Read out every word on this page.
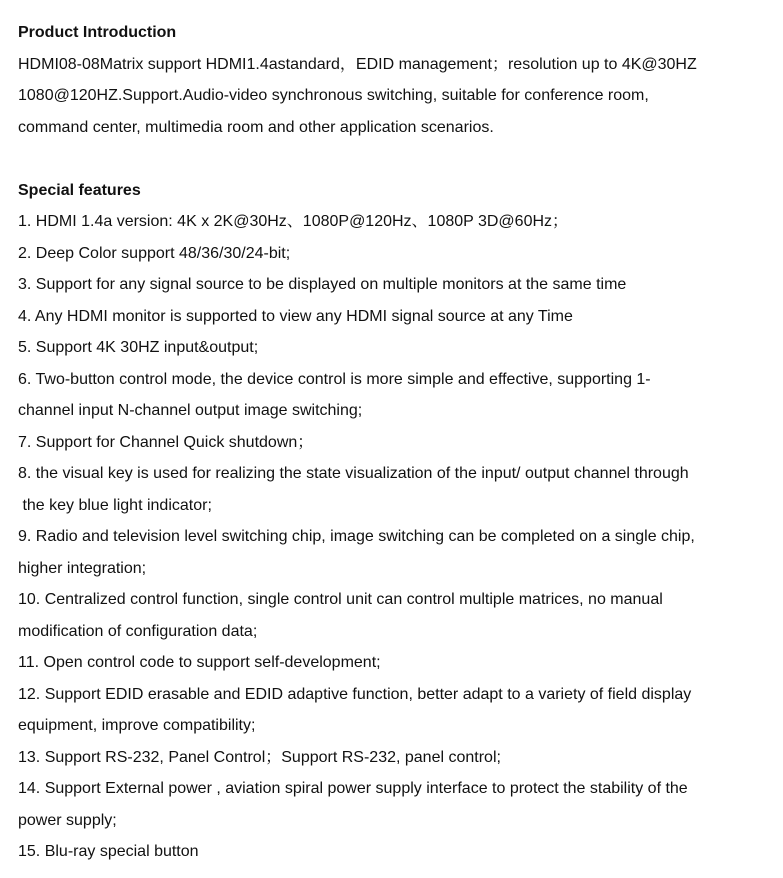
Product Introduction
HDMI08-08Matrix support HDMI1.4astandard，EDID management；resolution up to 4K@30HZ
1080@120HZ.Support.Audio-video synchronous switching, suitable for conference room,
command center, multimedia room and other application scenarios.
Special features
1. HDMI 1.4a version: 4K x 2K@30Hz、1080P@120Hz、1080P 3D@60Hz；
2. Deep Color support 48/36/30/24-bit;
3. Support for any signal source to be displayed on multiple monitors at the same time
4. Any HDMI monitor is supported to view any HDMI signal source at any Time
5. Support 4K 30HZ input&output;
6. Two-button control mode, the device control is more simple and effective, supporting 1-
channel input N-channel output image switching;
7. Support for Channel Quick shutdown；
8. the visual key is used for realizing the state visualization of the input/ output channel through
the key blue light indicator;
9. Radio and television level switching chip, image switching can be completed on a single chip,
higher integration;
10. Centralized control function, single control unit can control multiple matrices, no manual
modification of configuration data;
11. Open control code to support self-development;
12. Support EDID erasable and EDID adaptive function, better adapt to a variety of field display
equipment, improve compatibility;
13. Support RS-232, Panel Control；Support RS-232, panel control;
14. Support External power , aviation spiral power supply interface to protect the stability of the
power supply;
15. Blu-ray special button
